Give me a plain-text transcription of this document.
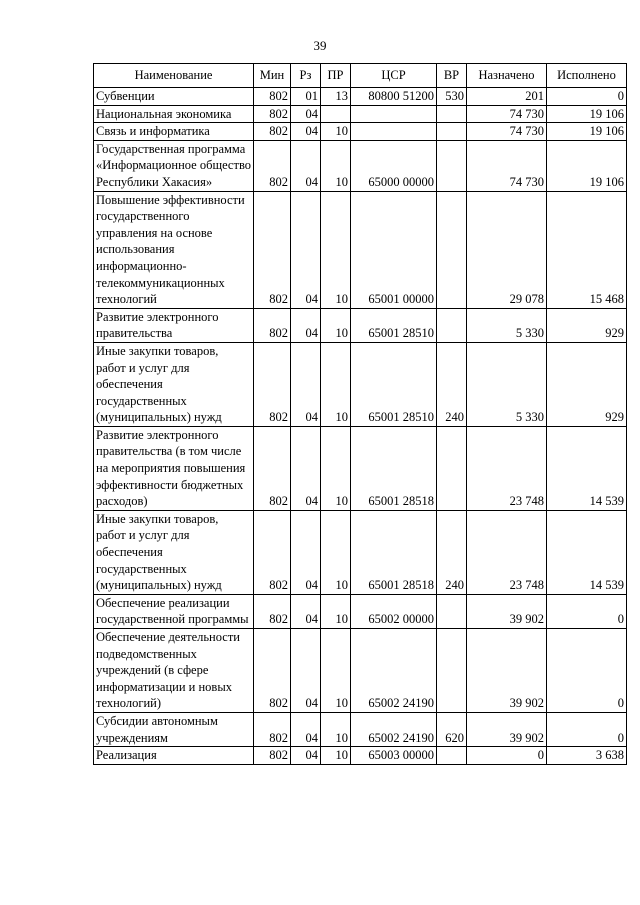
39
Наименование	Мин	Рз	ПР	ЦСР	ВР	Назначено	Исполнено
Субвенции	802	01	13	80800 51200	530	201	0
Национальная экономика	802	04				74 730	19 106
Связь и информатика	802	04	10			74 730	19 106
Государственная программа «Информационное общество Республики Хакасия»	802	04	10	65000 00000		74 730	19 106
Повышение эффективности государственного управления на основе использования информационно-телекоммуникационных технологий	802	04	10	65001 00000		29 078	15 468
Развитие электронного правительства	802	04	10	65001 28510		5 330	929
Иные закупки товаров, работ и услуг для обеспечения государственных (муниципальных) нужд	802	04	10	65001 28510	240	5 330	929
Развитие электронного правительства (в том числе на мероприятия повышения эффективности бюджетных расходов)	802	04	10	65001 28518		23 748	14 539
Иные закупки товаров, работ и услуг для обеспечения государственных (муниципальных) нужд	802	04	10	65001 28518	240	23 748	14 539
Обеспечение реализации государственной программы	802	04	10	65002 00000		39 902	0
Обеспечение деятельности подведомственных учреждений (в сфере информатизации и новых технологий)	802	04	10	65002 24190		39 902	0
Субсидии автономным учреждениям	802	04	10	65002 24190	620	39 902	0
Реализация	802	04	10	65003 00000		0	3 638
